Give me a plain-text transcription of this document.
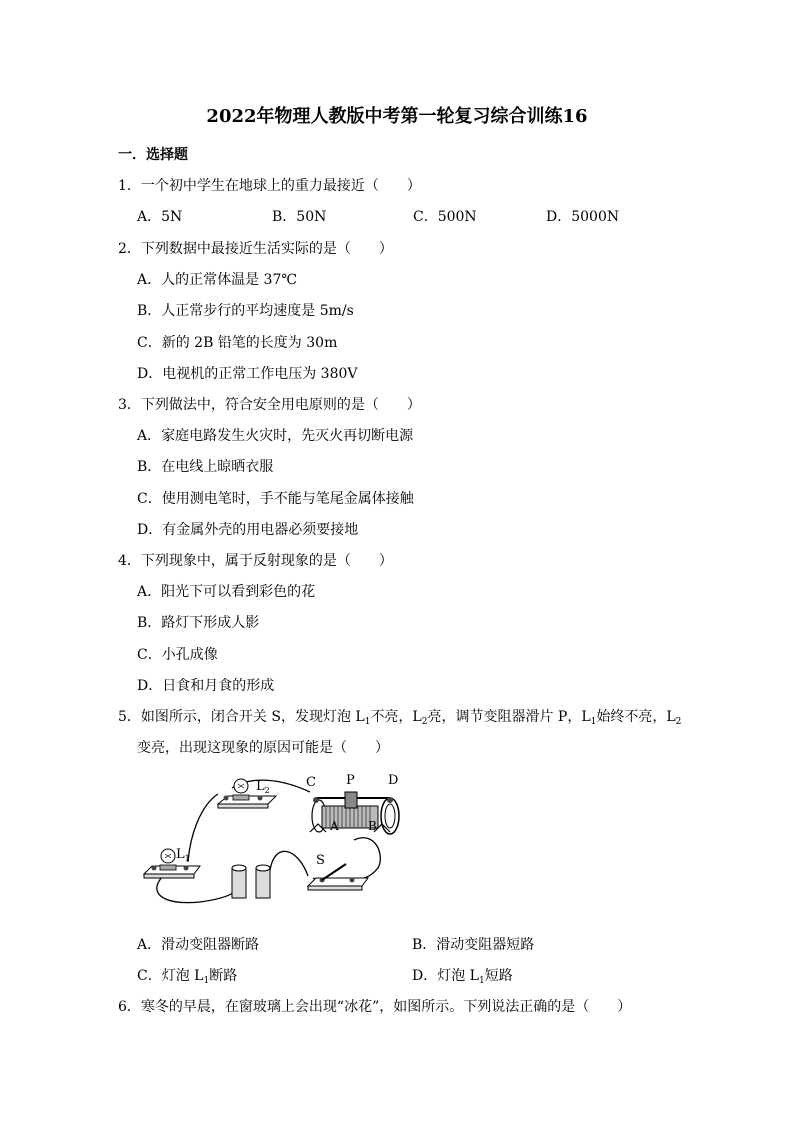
2022年物理人教版中考第一轮复习综合训练16
一．选择题
1．一个初中学生在地球上的重力最接近（　　）
A．5N	B．50N	C．500N	D．5000N
2．下列数据中最接近生活实际的是（　　）
A．人的正常体温是 37℃
B．人正常步行的平均速度是 5m/s
C．新的 2B 铅笔的长度为 30m
D．电视机的正常工作电压为 380V
3．下列做法中，符合安全用电原则的是（　　）
A．家庭电路发生火灾时，先灭火再切断电源
B．在电线上晾晒衣服
C．使用测电笔时，手不能与笔尾金属体接触
D．有金属外壳的用电器必须要接地
4．下列现象中，属于反射现象的是（　　）
A．阳光下可以看到彩色的花
B．路灯下形成人影
C．小孔成像
D．日食和月食的形成
5．如图所示，闭合开关 S，发现灯泡 $L_1$不亮，$L_2$亮，调节变阻器滑片 P，$L_1$始终不亮，$L_2$
变亮，出现这现象的原因可能是（　　）
$L_2$
$L_1$
C P	D
A B
S
A．滑动变阻器断路	B．滑动变阻器短路
C．灯泡 $L_1$断路	D．灯泡 $L_1$短路
6．寒冬的早晨，在窗玻璃上会出现“冰花”，如图所示。下列说法正确的是（　　）
